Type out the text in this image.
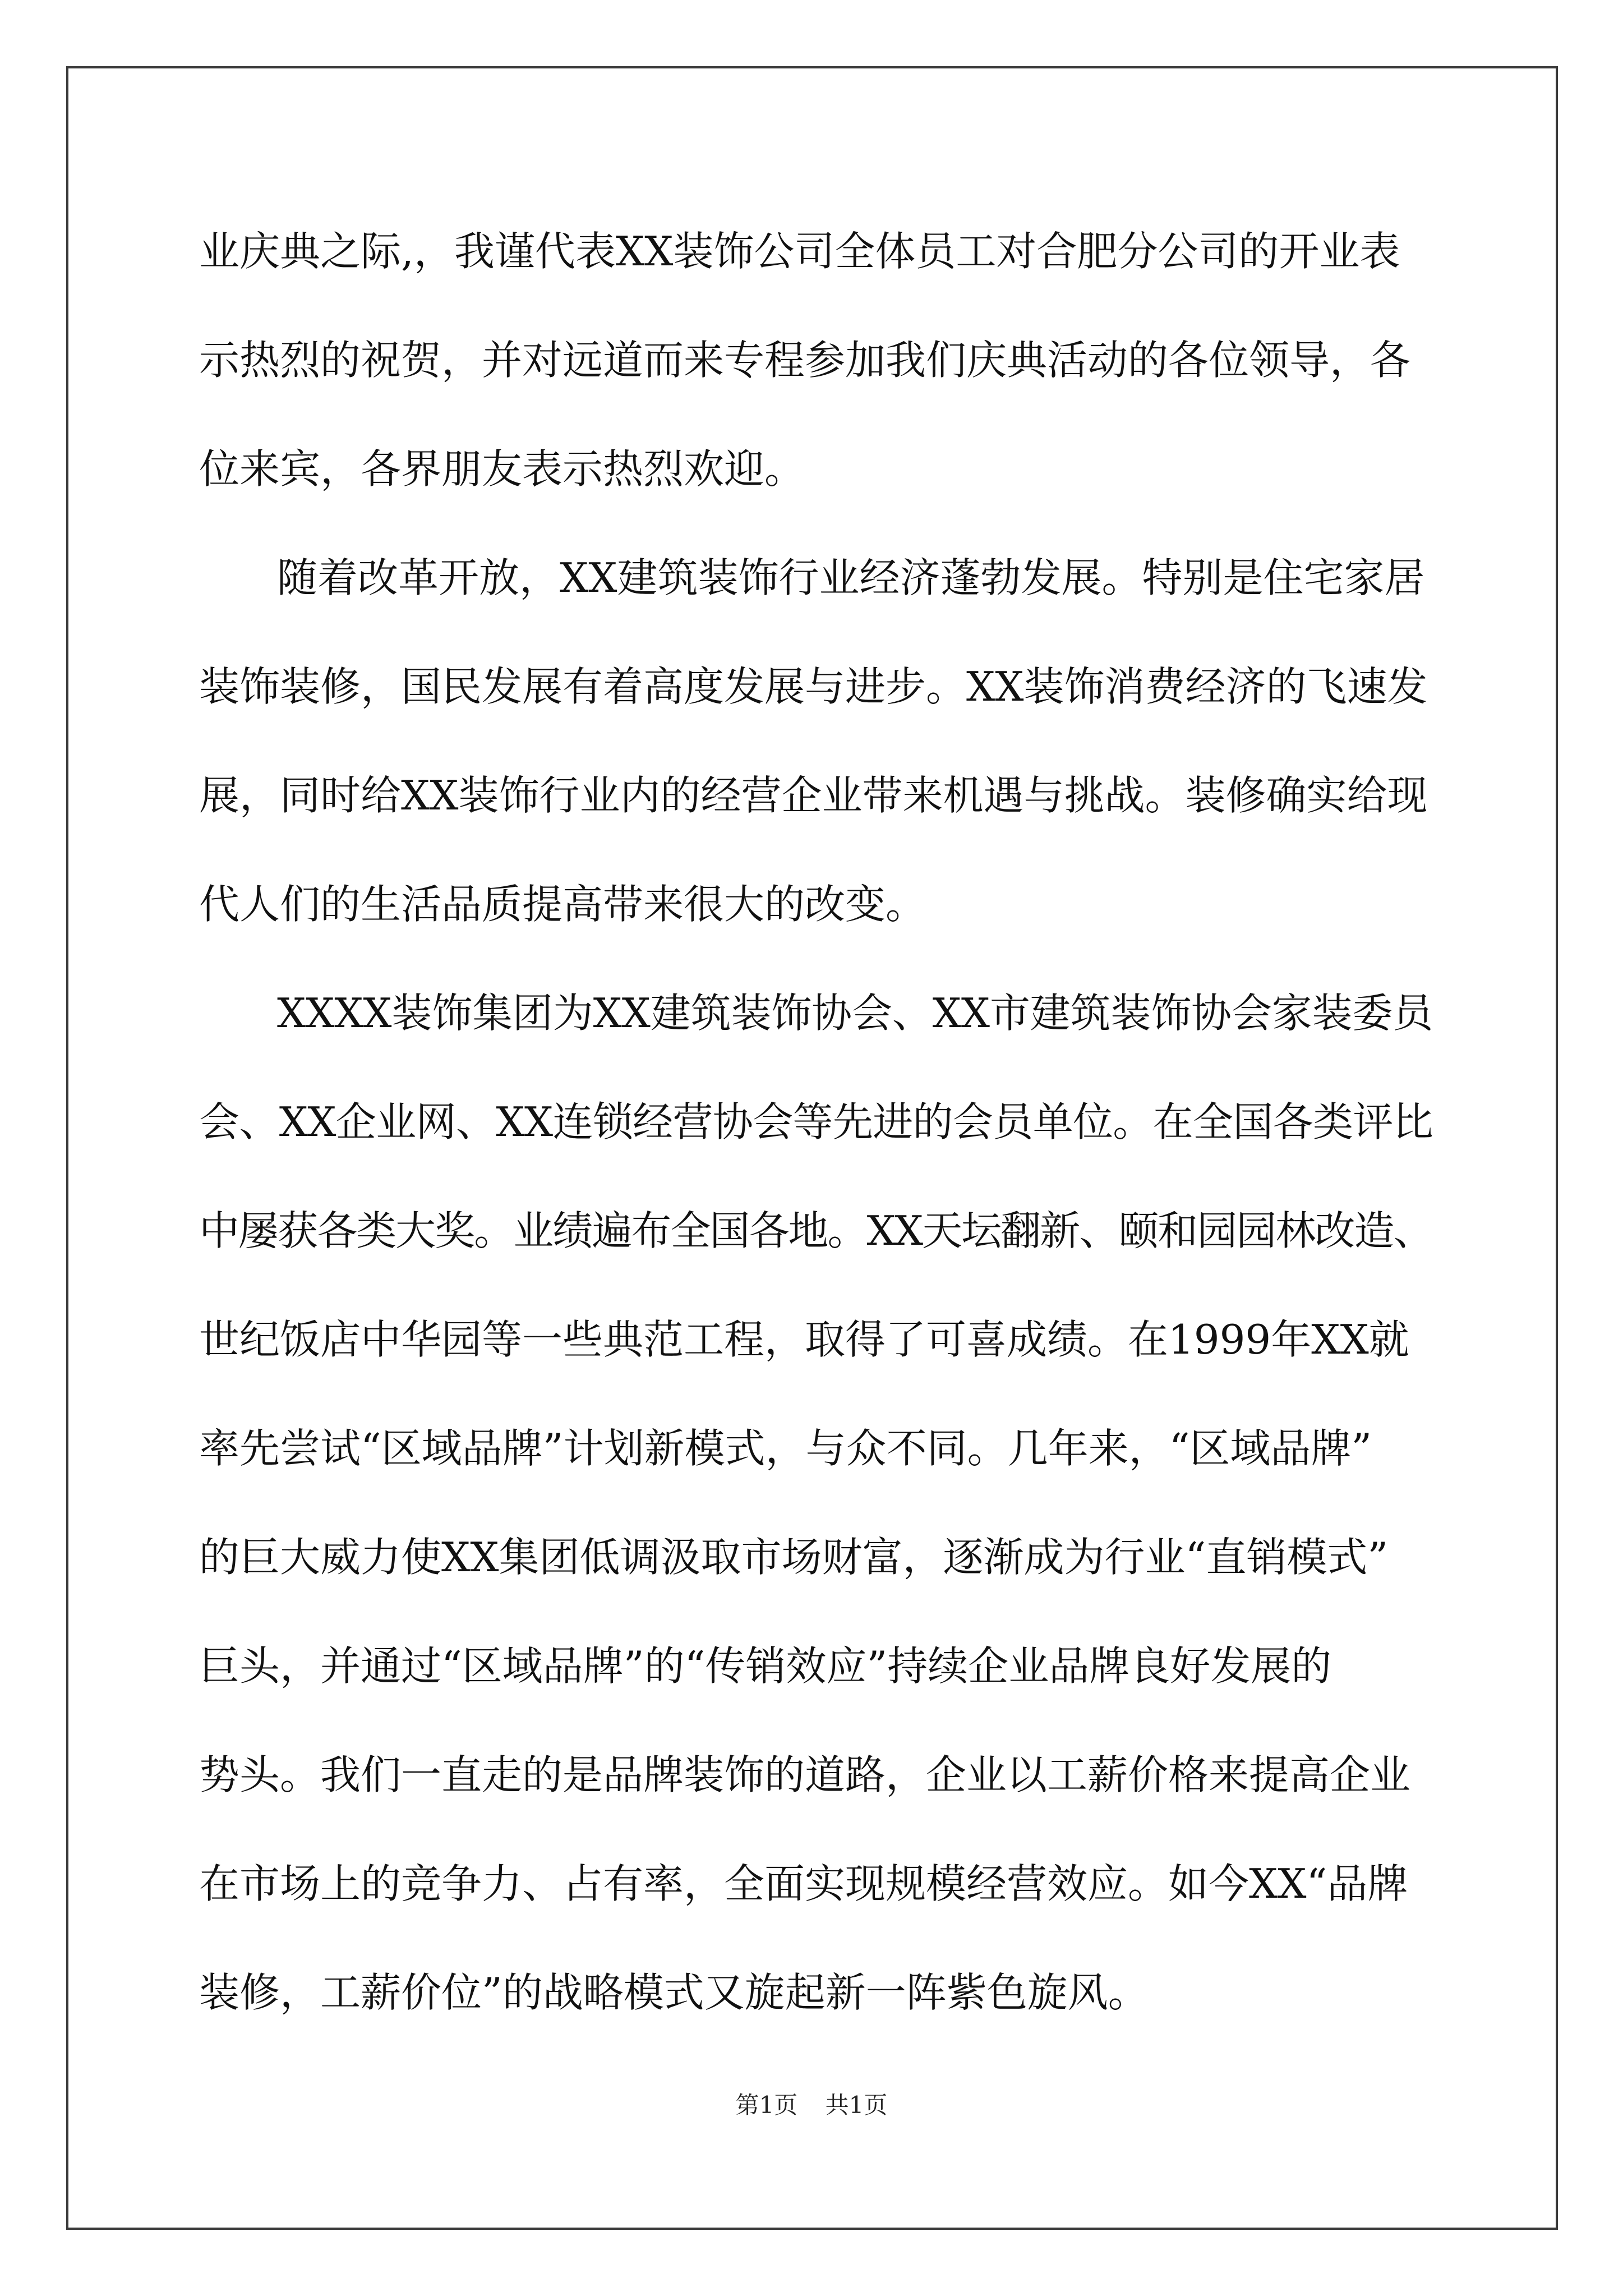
业庆典之际,，我谨代表XX装饰公司全体员工对合肥分公司的开业表
示热烈的祝贺，并对远道而来专程参加我们庆典活动的各位领导，各
位来宾，各界朋友表示热烈欢迎。
随着改革开放，XX建筑装饰行业经济蓬勃发展。特别是住宅家居
装饰装修，国民发展有着高度发展与进步。XX装饰消费经济的飞速发
展，同时给XX装饰行业内的经营企业带来机遇与挑战。装修确实给现
代人们的生活品质提高带来很大的改变。
XXXX装饰集团为XX建筑装饰协会、XX市建筑装饰协会家装委员
会、XX企业网、XX连锁经营协会等先进的会员单位。在全国各类评比
中屡获各类大奖。业绩遍布全国各地。XX天坛翻新、颐和园园林改造、
世纪饭店中华园等一些典范工程，取得了可喜成绩。在1999年XX就
率先尝试“区域品牌”计划新模式，与众不同。几年来，“区域品牌”
的巨大威力使XX集团低调汲取市场财富，逐渐成为行业“直销模式”
巨头，并通过“区域品牌”的“传销效应”持续企业品牌良好发展的
势头。我们一直走的是品牌装饰的道路，企业以工薪价格来提高企业
在市场上的竞争力、占有率，全面实现规模经营效应。如今XX“品牌
装修，工薪价位”的战略模式又旋起新一阵紫色旋风。
第1页 共1页
